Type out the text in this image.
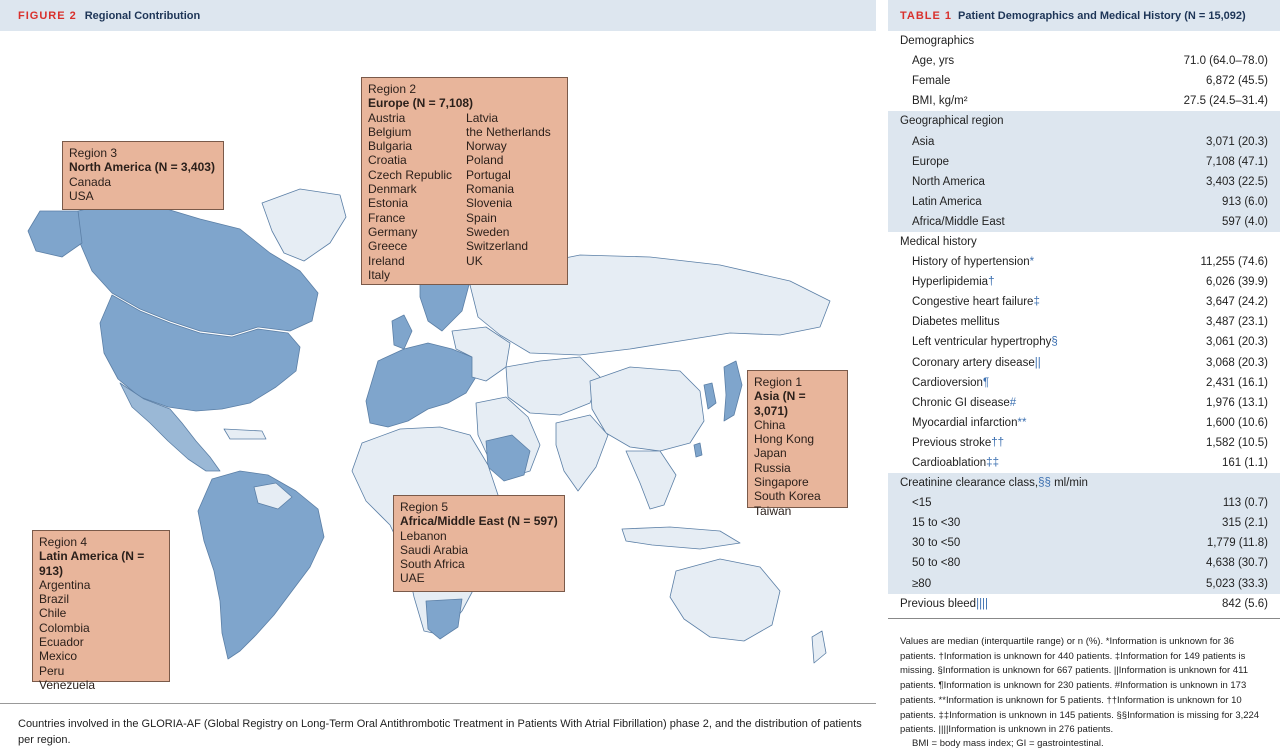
FIGURE 2 Regional Contribution
Region 2
Europe (N = 7,108)
Austria
Belgium
Bulgaria
Croatia
Czech Republic
Denmark
Estonia
France
Germany
Greece
Ireland
Italy
Latvia
the Netherlands
Norway
Poland
Portugal
Romania
Slovenia
Spain
Sweden
Switzerland
UK
Region 3
North America (N = 3,403)
Canada
USA
Region 1
Asia (N = 3,071)
China
Hong Kong
Japan
Russia
Singapore
South Korea
Taiwan
Region 5
Africa/Middle East (N = 597)
Lebanon
Saudi Arabia
South Africa
UAE
Region 4
Latin America (N = 913)
Argentina
Brazil
Chile
Colombia
Ecuador
Mexico
Peru
Venezuela
Countries involved in the GLORIA-AF (Global Registry on Long-Term Oral Antithrombotic Treatment in Patients With Atrial Fibrillation) phase 2, and the distribution of patients per region.
TABLE 1 Patient Demographics and Medical History (N = 15,092)
Demographics
Age, yrs	71.0 (64.0–78.0)
Female	6,872 (45.5)
BMI, kg/m²	27.5 (24.5–31.4)
Geographical region
Asia	3,071 (20.3)
Europe	7,108 (47.1)
North America	3,403 (22.5)
Latin America	913 (6.0)
Africa/Middle East	597 (4.0)
Medical history
History of hypertension*	11,255 (74.6)
Hyperlipidemia†	6,026 (39.9)
Congestive heart failure‡	3,647 (24.2)
Diabetes mellitus	3,487 (23.1)
Left ventricular hypertrophy§	3,061 (20.3)
Coronary artery disease||	3,068 (20.3)
Cardioversion¶	2,431 (16.1)
Chronic GI disease#	1,976 (13.1)
Myocardial infarction**	1,600 (10.6)
Previous stroke††	1,582 (10.5)
Cardioablation‡‡	161 (1.1)
Creatinine clearance class,§§ ml/min
<15	113 (0.7)
15 to <30	315 (2.1)
30 to <50	1,779 (11.8)
50 to <80	4,638 (30.7)
≥80	5,023 (33.3)
Previous bleed||||	842 (5.6)
Values are median (interquartile range) or n (%). *Information is unknown for 36 patients. †Information is unknown for 440 patients. ‡Information for 149 patients is missing. §Information is unknown for 667 patients. ||Information is unknown for 411 patients. ¶Information is unknown for 230 patients. #Information is unknown in 173 patients. **Information is unknown for 5 patients. ††Information is unknown for 10 patients. ‡‡Information is unknown in 145 patients. §§Information is missing for 3,224 patients. ||||Information is unknown in 276 patients.
BMI = body mass index; GI = gastrointestinal.
